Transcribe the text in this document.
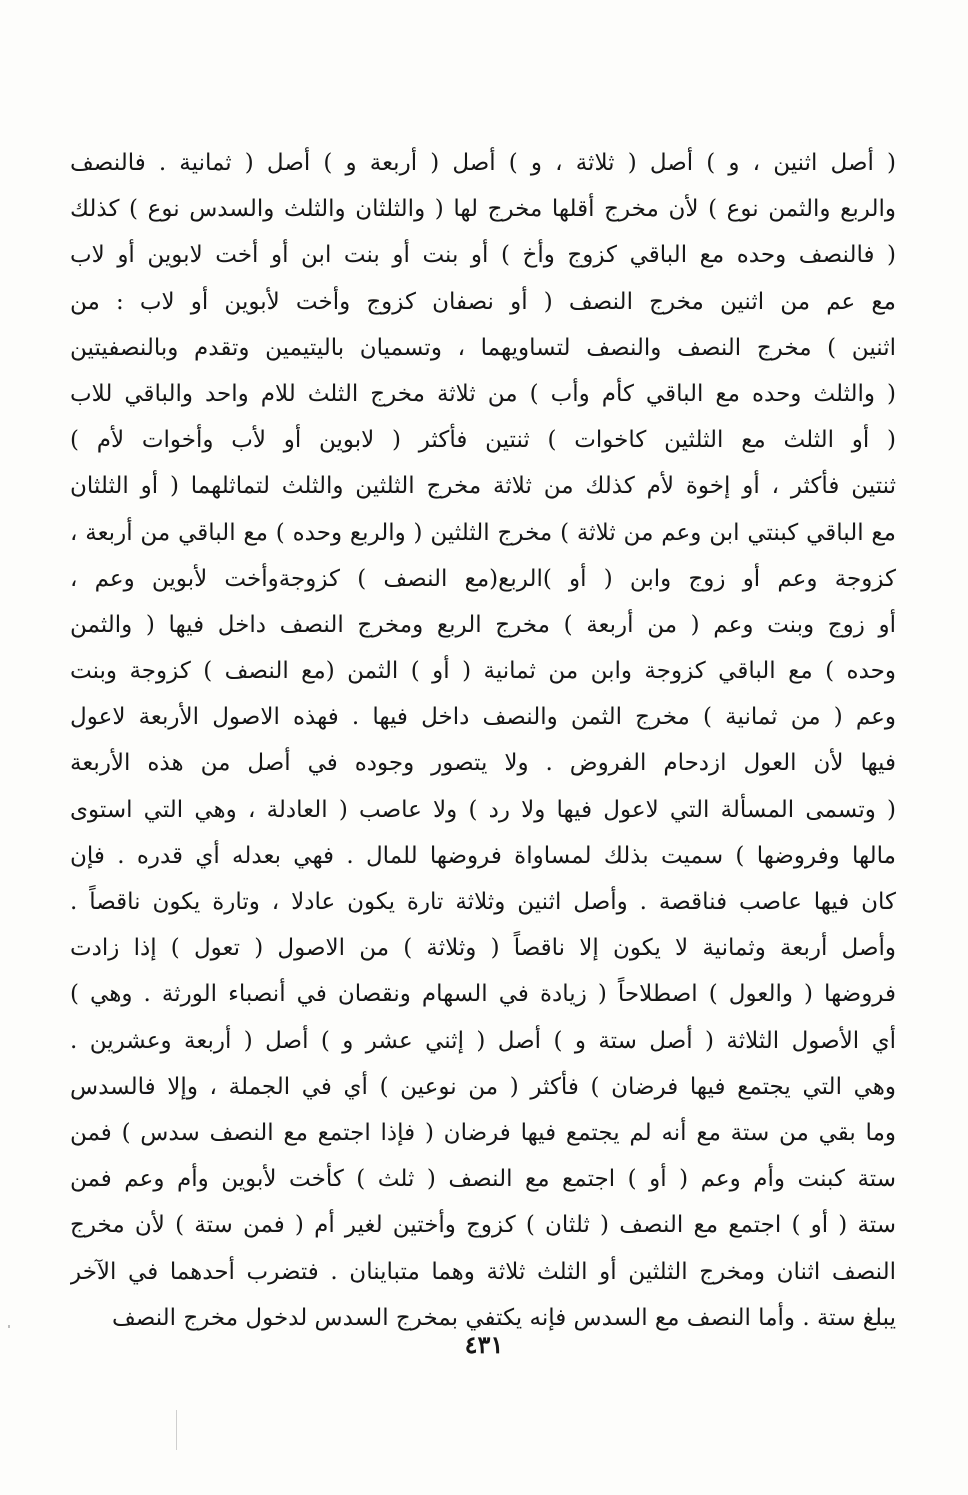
( أصل اثنين ، و ) أصل ( ثلاثة ، و ) أصل ( أربعة و ) أصل ( ثمانية . فالنصف
والربع والثمن نوع ) لأن مخرج أقلها مخرج لها ( والثلثان والثلث والسدس نوع ) كذلك
( فالنصف وحده مع الباقي كزوج وأخ ) أو بنت أو بنت ابن أو أخت لابوين أو لاب
مع عم من اثنين مخرج النصف ( أو نصفان كزوج وأخت لأبوين أو لاب : من
اثنين ) مخرج النصف والنصف لتساويهما ، وتسميان باليتيمين وتقدم وبالنصفيتين
( والثلث وحده مع الباقي كأم وأب ) من ثلاثة مخرج الثلث للام واحد والباقي للاب
( أو الثلث مع الثلثين كاخوات ) ثنتين فأكثر ( لابوين أو لأب وأخوات لأم )
ثنتين فأكثر ، أو إخوة لأم كذلك من ثلاثة مخرج الثلثين والثلث لتماثلهما ( أو الثلثان
مع الباقي كبنتي ابن وعم من ثلاثة ) مخرج الثلثين ( والربع وحده ) مع الباقي من أربعة ،
كزوجة وعم أو زوج وابن ( أو )الربع(مع النصف ) كزوجةوأخت لأبوين وعم ،
أو زوج وبنت وعم ( من أربعة ) مخرج الربع ومخرج النصف داخل فيها ( والثمن
وحده ) مع الباقي كزوجة وابن من ثمانية ( أو ) الثمن (مع النصف ) كزوجة وبنت
وعم ( من ثمانية ) مخرج الثمن والنصف داخل فيها . فهذه الاصول الأربعة لاعول
فيها لأن العول ازدحام الفروض . ولا يتصور وجوده في أصل من هذه الأربعة
( وتسمى المسألة التي لاعول فيها ولا رد ) ولا عاصب ( العادلة ، وهي التي استوى
مالها وفروضها ) سميت بذلك لمساواة فروضها للمال . فهي بعدله أي قدره . فإن
كان فيها عاصب فناقصة . وأصل اثنين وثلاثة تارة يكون عادلا ، وتارة يكون ناقصاً .
وأصل أربعة وثمانية لا يكون إلا ناقصاً ( وثلاثة ) من الاصول ( تعول ) إذا زادت
فروضها ( والعول ) اصطلاحاً ( زيادة في السهام ونقصان في أنصباء الورثة . وهي )
أي الأصول الثلاثة ( أصل ستة و ) أصل ( إثني عشر و ) أصل ( أربعة وعشرين .
وهي التي يجتمع فيها فرضان ) فأكثر ( من نوعين ) أي في الجملة ، وإلا فالسدس
وما بقي من ستة مع أنه لم يجتمع فيها فرضان ( فإذا اجتمع مع النصف سدس ) فمن
ستة كبنت وأم وعم ( أو ) اجتمع مع النصف ( ثلث ) كأخت لأبوين وأم وعم فمن
ستة ( أو ) اجتمع مع النصف ( ثلثان ) كزوج وأختين لغير أم ( فمن ستة ) لأن مخرج
النصف اثنان ومخرج الثلثين أو الثلث ثلاثة وهما متباينان . فتضرب أحدهما في الآخر
يبلغ ستة . وأما النصف مع السدس فإنه يكتفي بمخرج السدس لدخول مخرج النصف
٤٣١
